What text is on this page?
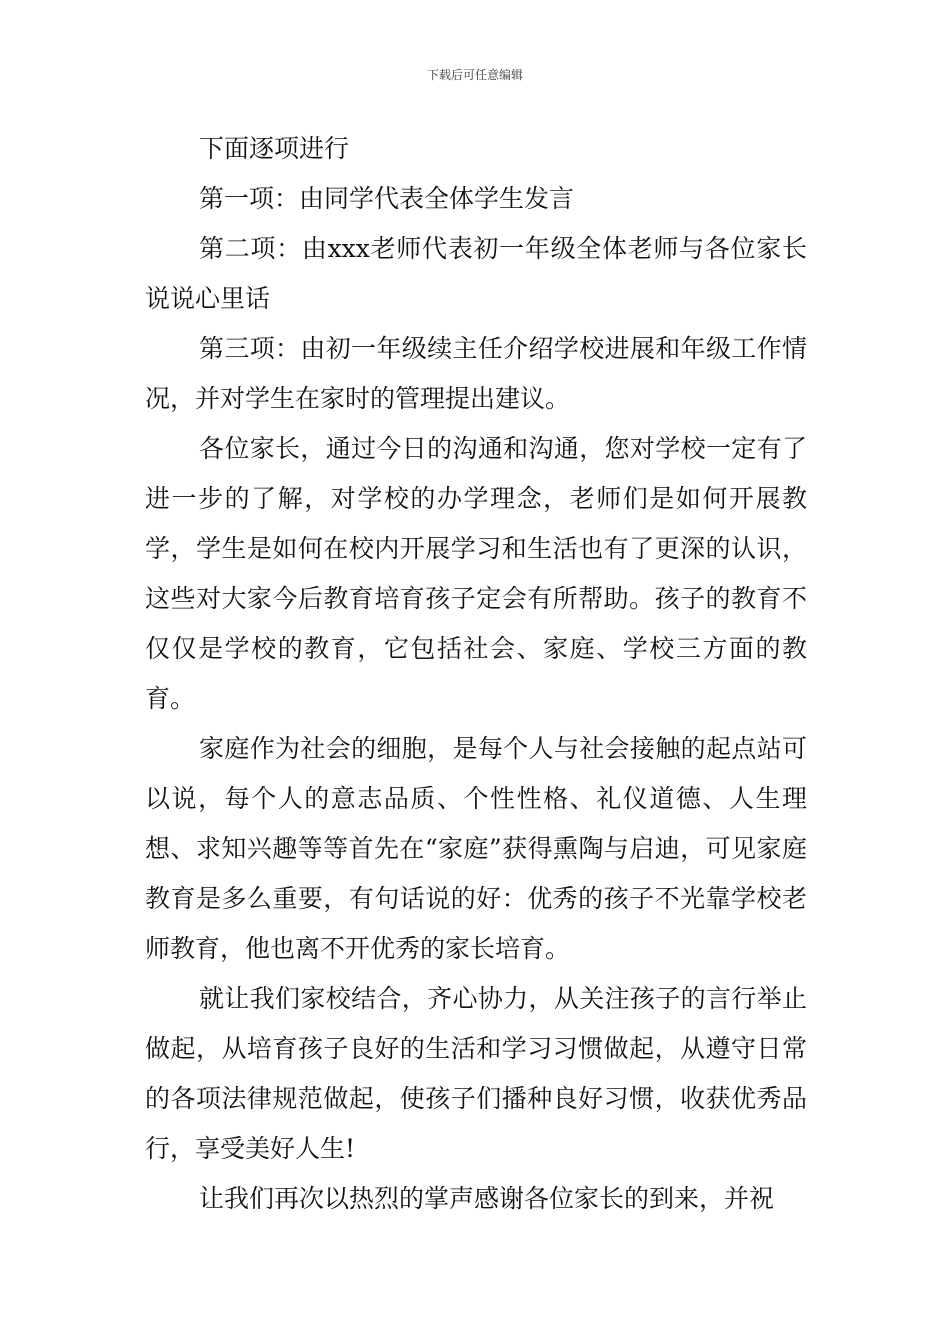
下载后可任意编辑

下面逐项进行

第一项：由同学代表全体学生发言

第二项：由xxx老师代表初一年级全体老师与各位家长说说心里话

第三项：由初一年级续主任介绍学校进展和年级工作情况，并对学生在家时的管理提出建议。

各位家长，通过今日的沟通和沟通，您对学校一定有了进一步的了解，对学校的办学理念，老师们是如何开展教学，学生是如何在校内开展学习和生活也有了更深的认识，这些对大家今后教育培育孩子定会有所帮助。孩子的教育不仅仅是学校的教育，它包括社会、家庭、学校三方面的教育。

家庭作为社会的细胞，是每个人与社会接触的起点站可以说，每个人的意志品质、个性性格、礼仪道德、人生理想、求知兴趣等等首先在“家庭”获得熏陶与启迪，可见家庭教育是多么重要，有句话说的好：优秀的孩子不光靠学校老师教育，他也离不开优秀的家长培育。

就让我们家校结合，齐心协力，从关注孩子的言行举止做起，从培育孩子良好的生活和学习习惯做起，从遵守日常的各项法律规范做起，使孩子们播种良好习惯，收获优秀品行，享受美好人生!

让我们再次以热烈的掌声感谢各位家长的到来，并祝
